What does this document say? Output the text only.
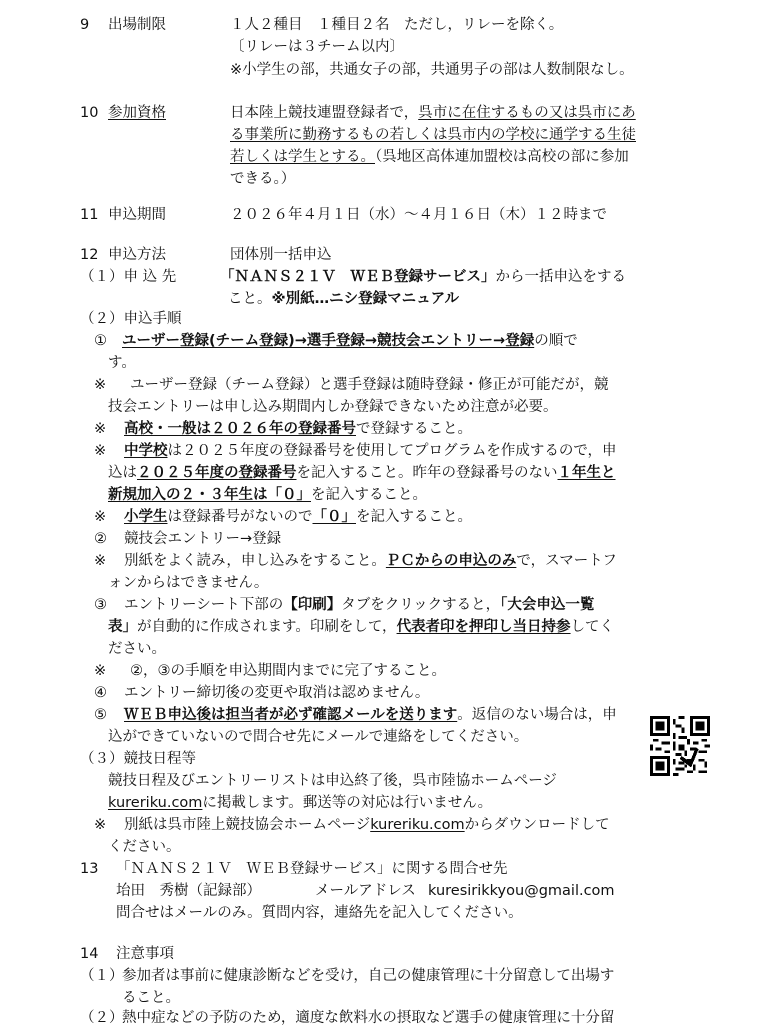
9 出場制限	１人２種目　１種目２名　ただし，リレーを除く。
〔リレーは３チーム以内〕
※小学生の部，共通女子の部，共通男子の部は人数制限なし。
10 参加資格	日本陸上競技連盟登録者で，呉市に在住するもの又は呉市にあ
る事業所に勤務するもの若しくは呉市内の学校に通学する生徒
若しくは学生とする。（呉地区高体連加盟校は高校の部に参加
できる。）
11 申込期間	２０２６年４月１日（水）～４月１６日（木）１２時まで
12 申込方法	団体別一括申込
（１）申 込 先	「ＮＡＮＳ２１Ｖ　ＷＥＢ登録サービス」から一括申込をする
こと。※別紙…ニシ登録マニュアル
（２）申込手順
① ユーザー登録(チーム登録)→選手登録→競技会エントリー→登録の順で
す。
※ ユーザー登録（チーム登録）と選手登録は随時登録・修正が可能だが，競
技会エントリーは申し込み期間内しか登録できないため注意が必要。
※ 高校・一般は２０２６年の登録番号で登録すること。
※ 中学校は２０２５年度の登録番号を使用してプログラムを作成するので，申
込は２０２５年度の登録番号を記入すること。昨年の登録番号のない１年生と
新規加入の２・３年生は「０」を記入すること。
※ 小学生は登録番号がないので「０」を記入すること。
② 競技会エントリー→登録
※ 別紙をよく読み，申し込みをすること。ＰＣからの申込のみで，スマートフ
ォンからはできません。
③ エントリーシート下部の【印刷】タブをクリックすると，「大会申込一覧
表」が自動的に作成されます。印刷をして，代表者印を押印し当日持参してく
ださい。
※ ②，③の手順を申込期間内までに完了すること。
④ エントリー締切後の変更や取消は認めません。
⑤ ＷＥＢ申込後は担当者が必ず確認メールを送ります。返信のない場合は，申
込ができていないので問合せ先にメールで連絡をしてください。
（３）競技日程等
競技日程及びエントリーリストは申込終了後，呉市陸協ホームページ
kureriku.comに掲載します。郵送等の対応は行いません。
※ 別紙は呉市陸上競技協会ホームページkureriku.comからダウンロードして
ください。
13 「ＮＡＮＳ２１Ｖ　ＷＥＢ登録サービス」に関する問合せ先
坮田　秀樹（記録部）	メールアドレス kuresirikkyou@gmail.com
問合せはメールのみ。質問内容，連絡先を記入してください。
14 注意事項
（１）
参加者は事前に健康診断などを受け，自己の健康管理に十分留意して出場す
ること。
（２）
熱中症などの予防のため，適度な飲料水の摂取など選手の健康管理に十分留
